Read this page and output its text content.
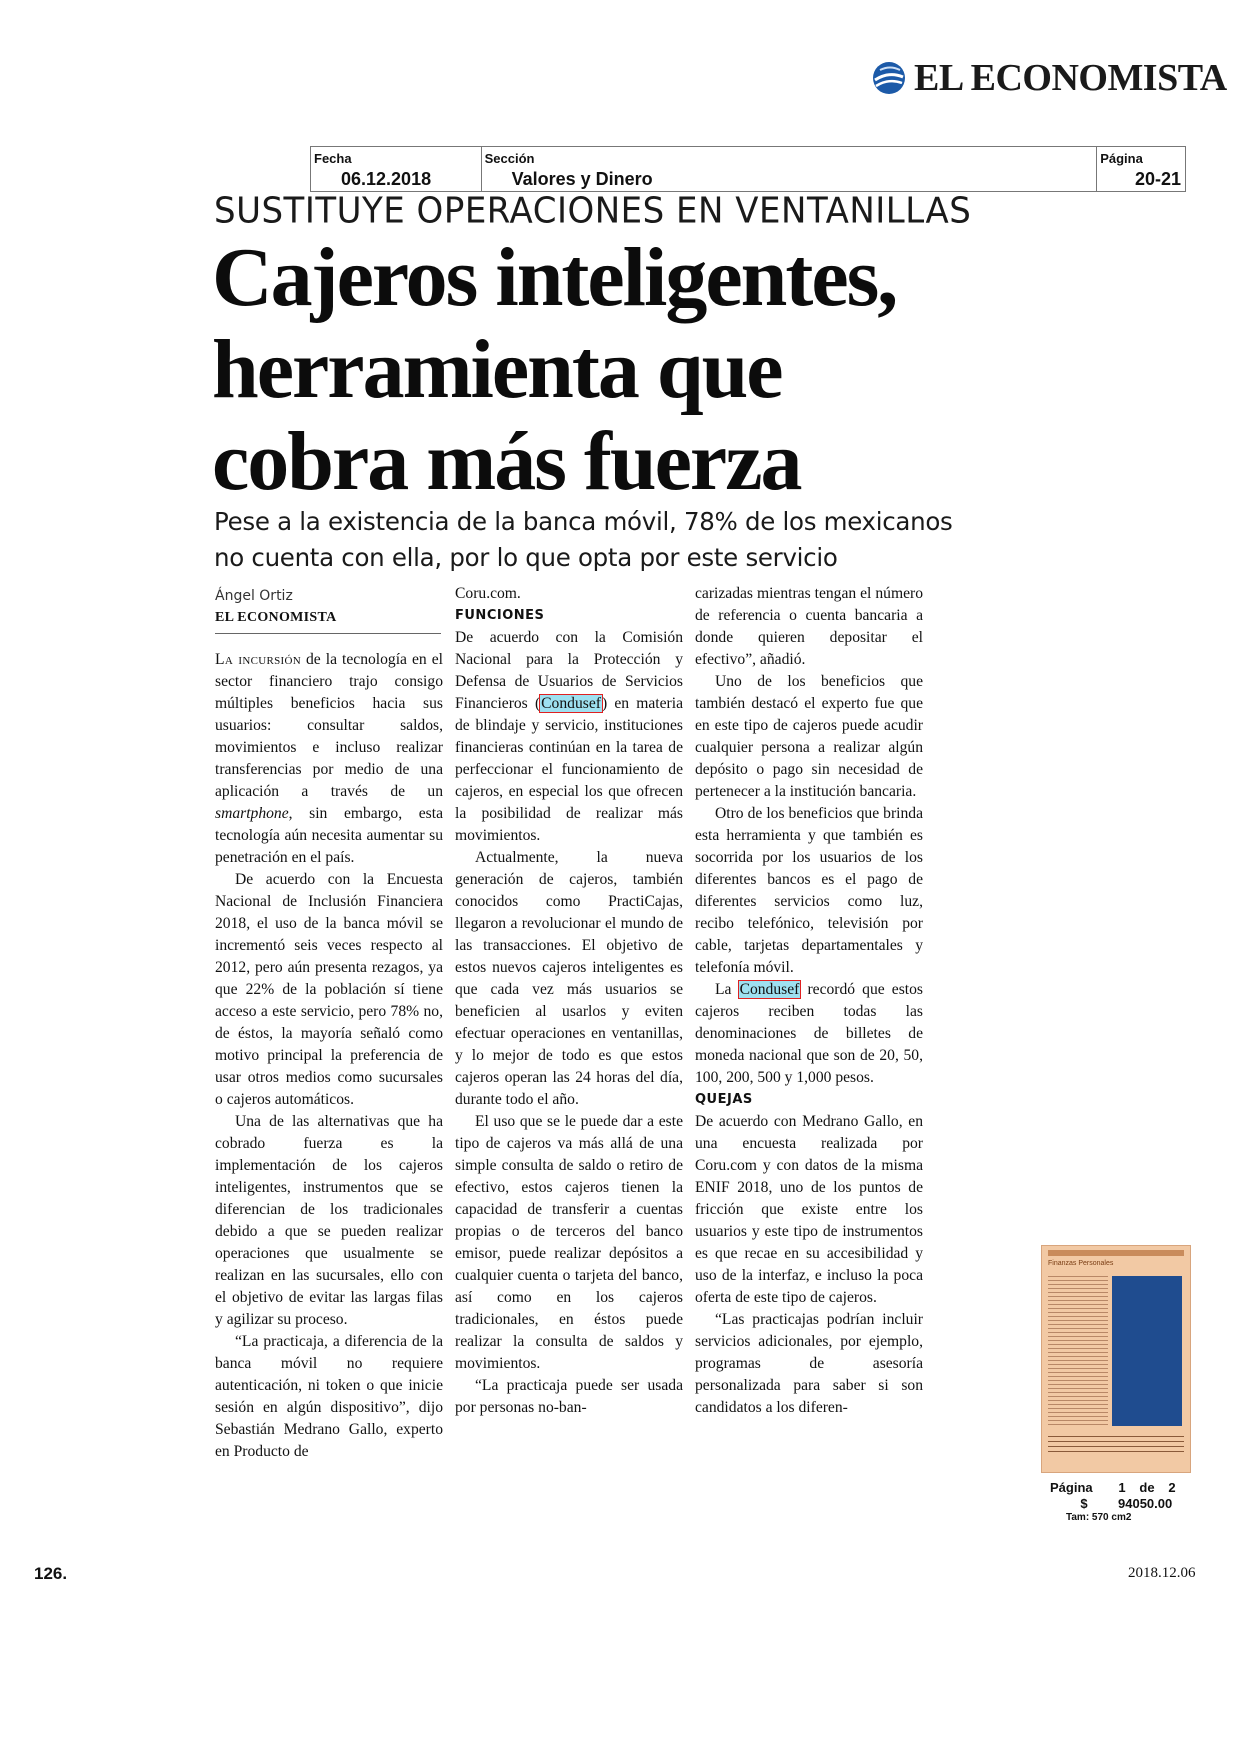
EL ECONOMISTA
Fecha
06.12.2018
Sección
Valores y Dinero
Página
20-21
SUSTITUYE OPERACIONES EN VENTANILLAS
Cajeros inteligentes, herramienta que cobra más fuerza
Pese a la existencia de la banca móvil, 78% de los mexicanos no cuenta con ella, por lo que opta por este servicio
Ángel Ortiz
EL ECONOMISTA

La incursión de la tecnología en el sector financiero trajo consigo múltiples beneficios hacia sus usuarios: consultar saldos, movimientos e incluso realizar transferencias por medio de una aplicación a través de un smartphone, sin embargo, esta tecnología aún necesita aumentar su penetración en el país.

De acuerdo con la Encuesta Nacional de Inclusión Financiera 2018, el uso de la banca móvil se incrementó seis veces respecto al 2012, pero aún presenta rezagos, ya que 22% de la población sí tiene acceso a este servicio, pero 78% no, de éstos, la mayoría señaló como motivo principal la preferencia de usar otros medios como sucursales o cajeros automáticos.

Una de las alternativas que ha cobrado fuerza es la implementación de los cajeros inteligentes, instrumentos que se diferencian de los tradicionales debido a que se pueden realizar operaciones que usualmente se realizan en las sucursales, ello con el objetivo de evitar las largas filas y agilizar su proceso.

“La practicaja, a diferencia de la banca móvil no requiere autenticación, ni token o que inicie sesión en algún dispositivo”, dijo Sebastián Medrano Gallo, experto en Producto de

Coru.com.

FUNCIONES

De acuerdo con la Comisión Nacional para la Protección y Defensa de Usuarios de Servicios Financieros (Condusef) en materia de blindaje y servicio, instituciones financieras continúan en la tarea de perfeccionar el funcionamiento de cajeros, en especial los que ofrecen la posibilidad de realizar más movimientos.

Actualmente, la nueva generación de cajeros, también conocidos como PractiCajas, llegaron a revolucionar el mundo de las transacciones. El objetivo de estos nuevos cajeros inteligentes es que cada vez más usuarios se beneficien al usarlos y eviten efectuar operaciones en ventanillas, y lo mejor de todo es que estos cajeros operan las 24 horas del día, durante todo el año.

El uso que se le puede dar a este tipo de cajeros va más allá de una simple consulta de saldo o retiro de efectivo, estos cajeros tienen la capacidad de transferir a cuentas propias o de terceros del banco emisor, puede realizar depósitos a cualquier cuenta o tarjeta del banco, así como en los cajeros tradicionales, en éstos puede realizar la consulta de saldos y movimientos.

“La practicaja puede ser usada por personas no-ban-

carizadas mientras tengan el número de referencia o cuenta bancaria a donde quieren depositar el efectivo”, añadió.

Uno de los beneficios que también destacó el experto fue que en este tipo de cajeros puede acudir cualquier persona a realizar algún depósito o pago sin necesidad de pertenecer a la institución bancaria.

Otro de los beneficios que brinda esta herramienta y que también es socorrida por los usuarios de los diferentes bancos es el pago de diferentes servicios como luz, recibo telefónico, televisión por cable, tarjetas departamentales y telefonía móvil.

La Condusef recordó que estos cajeros reciben todas las denominaciones de billetes de moneda nacional que son de 20, 50, 100, 200, 500 y 1,000 pesos.

QUEJAS

De acuerdo con Medrano Gallo, en una encuesta realizada por Coru.com y con datos de la misma ENIF 2018, uno de los puntos de fricción que existe entre los usuarios y este tipo de instrumentos es que recae en su accesibilidad y uso de la interfaz, e incluso la poca oferta de este tipo de cajeros.

“Las practicajas podrían incluir servicios adicionales, por ejemplo, programas de asesoría personalizada para saber si son candidatos a los diferen-

Finanzas Personales
Página	1	de	2
$	94050.00
Tam: 570 cm2
126.	2018.12.06
